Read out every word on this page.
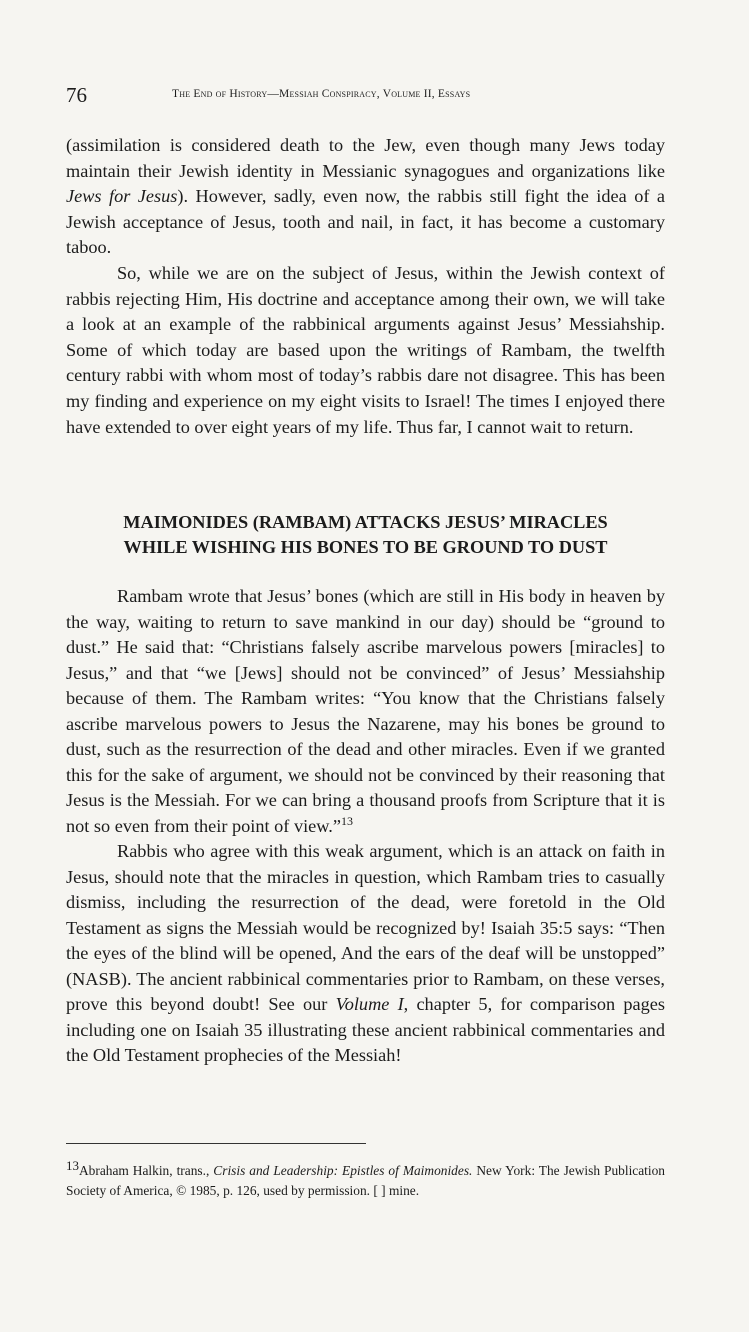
76	The End of History—Messiah Conspiracy, Volume II, Essays

(assimilation is considered death to the Jew, even though many Jews today maintain their Jewish identity in Messianic synagogues and organizations like Jews for Jesus). However, sadly, even now, the rabbis still fight the idea of a Jewish acceptance of Jesus, tooth and nail, in fact, it has become a customary taboo.

So, while we are on the subject of Jesus, within the Jewish context of rabbis rejecting Him, His doctrine and acceptance among their own, we will take a look at an example of the rabbinical arguments against Jesus’ Messiahship. Some of which today are based upon the writings of Rambam, the twelfth century rabbi with whom most of today’s rabbis dare not disagree. This has been my finding and experience on my eight visits to Israel! The times I enjoyed there have extended to over eight years of my life. Thus far, I cannot wait to return.

MAIMONIDES (RAMBAM) ATTACKS JESUS’ MIRACLES
WHILE WISHING HIS BONES TO BE GROUND TO DUST

Rambam wrote that Jesus’ bones (which are still in His body in heaven by the way, waiting to return to save mankind in our day) should be “ground to dust.” He said that: “Christians falsely ascribe marvelous powers [miracles] to Jesus,” and that “we [Jews] should not be convinced” of Jesus’ Messiahship because of them. The Rambam writes: “You know that the Christians falsely ascribe marvelous powers to Jesus the Nazarene, may his bones be ground to dust, such as the resurrection of the dead and other miracles. Even if we granted this for the sake of argument, we should not be convinced by their reasoning that Jesus is the Messiah. For we can bring a thousand proofs from Scripture that it is not so even from their point of view.”$^{13}$

Rabbis who agree with this weak argument, which is an attack on faith in Jesus, should note that the miracles in question, which Rambam tries to casually dismiss, including the resurrection of the dead, were foretold in the Old Testament as signs the Messiah would be recognized by! Isaiah 35:5 says: “Then the eyes of the blind will be opened, And the ears of the deaf will be unstopped” (NASB). The ancient rabbinical commentaries prior to Rambam, on these verses, prove this beyond doubt! See our Volume I, chapter 5, for comparison pages including one on Isaiah 35 illustrating these ancient rabbinical commentaries and the Old Testament prophecies of the Messiah!

13Abraham Halkin, trans., Crisis and Leadership: Epistles of Maimonides. New York: The Jewish Publication Society of America, © 1985, p. 126, used by permission. [ ] mine.
